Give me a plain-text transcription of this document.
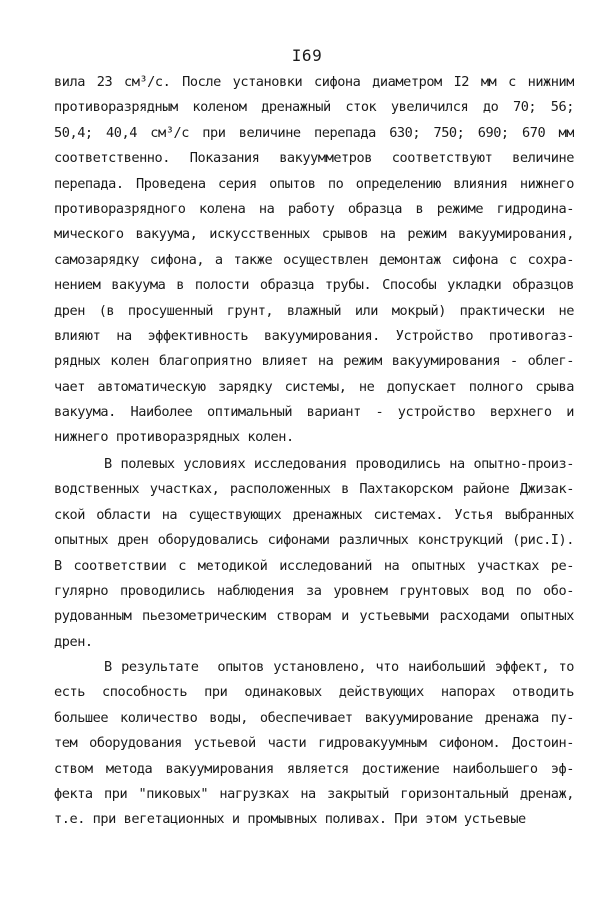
I69
вила 23 см³/с. После установки сифона диаметром I2 мм с нижним
противоразрядным коленом дренажный сток увеличился до 70; 56;
50,4; 40,4 см³/с при величине перепада 630; 750; 690; 670 мм
соответственно. Показания вакуумметров соответствуют величине
перепада. Проведена серия опытов по определению влияния нижнего
противоразрядного колена на работу образца в режиме гидродина-
мического вакуума, искусственных срывов на режим вакуумирования,
самозарядку сифона, а также осуществлен демонтаж сифона с сохра-
нением вакуума в полости образца трубы. Способы укладки образцов
дрен (в просушенный грунт, влажный или мокрый) практически не
влияют на эффективность вакуумирования. Устройство противоraз-
рядных колен благоприятно влияет на режим вакуумирования - облег-
чает автоматическую зарядку системы, не допускает полного срыва
вакуума. Наиболее оптимальный вариант - устройство верхнего и
нижнего противоразрядных колен.
В полевых условиях исследования проводились на опытно-произ-
водственных участках, расположенных в Пахтакорском районе Джизак-
ской области на существующих дренажных системах. Устья выбранных
опытных дрен оборудовались сифонами различных конструкций (рис.I).
В соответствии с методикой исследований на опытных участках ре-
гулярно проводились наблюдения за уровнем грунтовых вод по обо-
рудованным пьезометрическим створам и устьевыми расходами опытных
дрен.
В результате  опытов установлено, что наибольший эффект, то
есть способность при одинаковых действующих напорах отводить
большее количество воды, обеспечивает вакуумирование дренажа пу-
тем оборудования устьевой части гидровакуумным сифоном. Достоин-
ством метода вакуумирования является достижение наибольшего эф-
фекта при "пиковых" нагрузках на закрытый горизонтальный дренаж,
т.е. при вегетационных и промывных поливах. При этом устьевые
